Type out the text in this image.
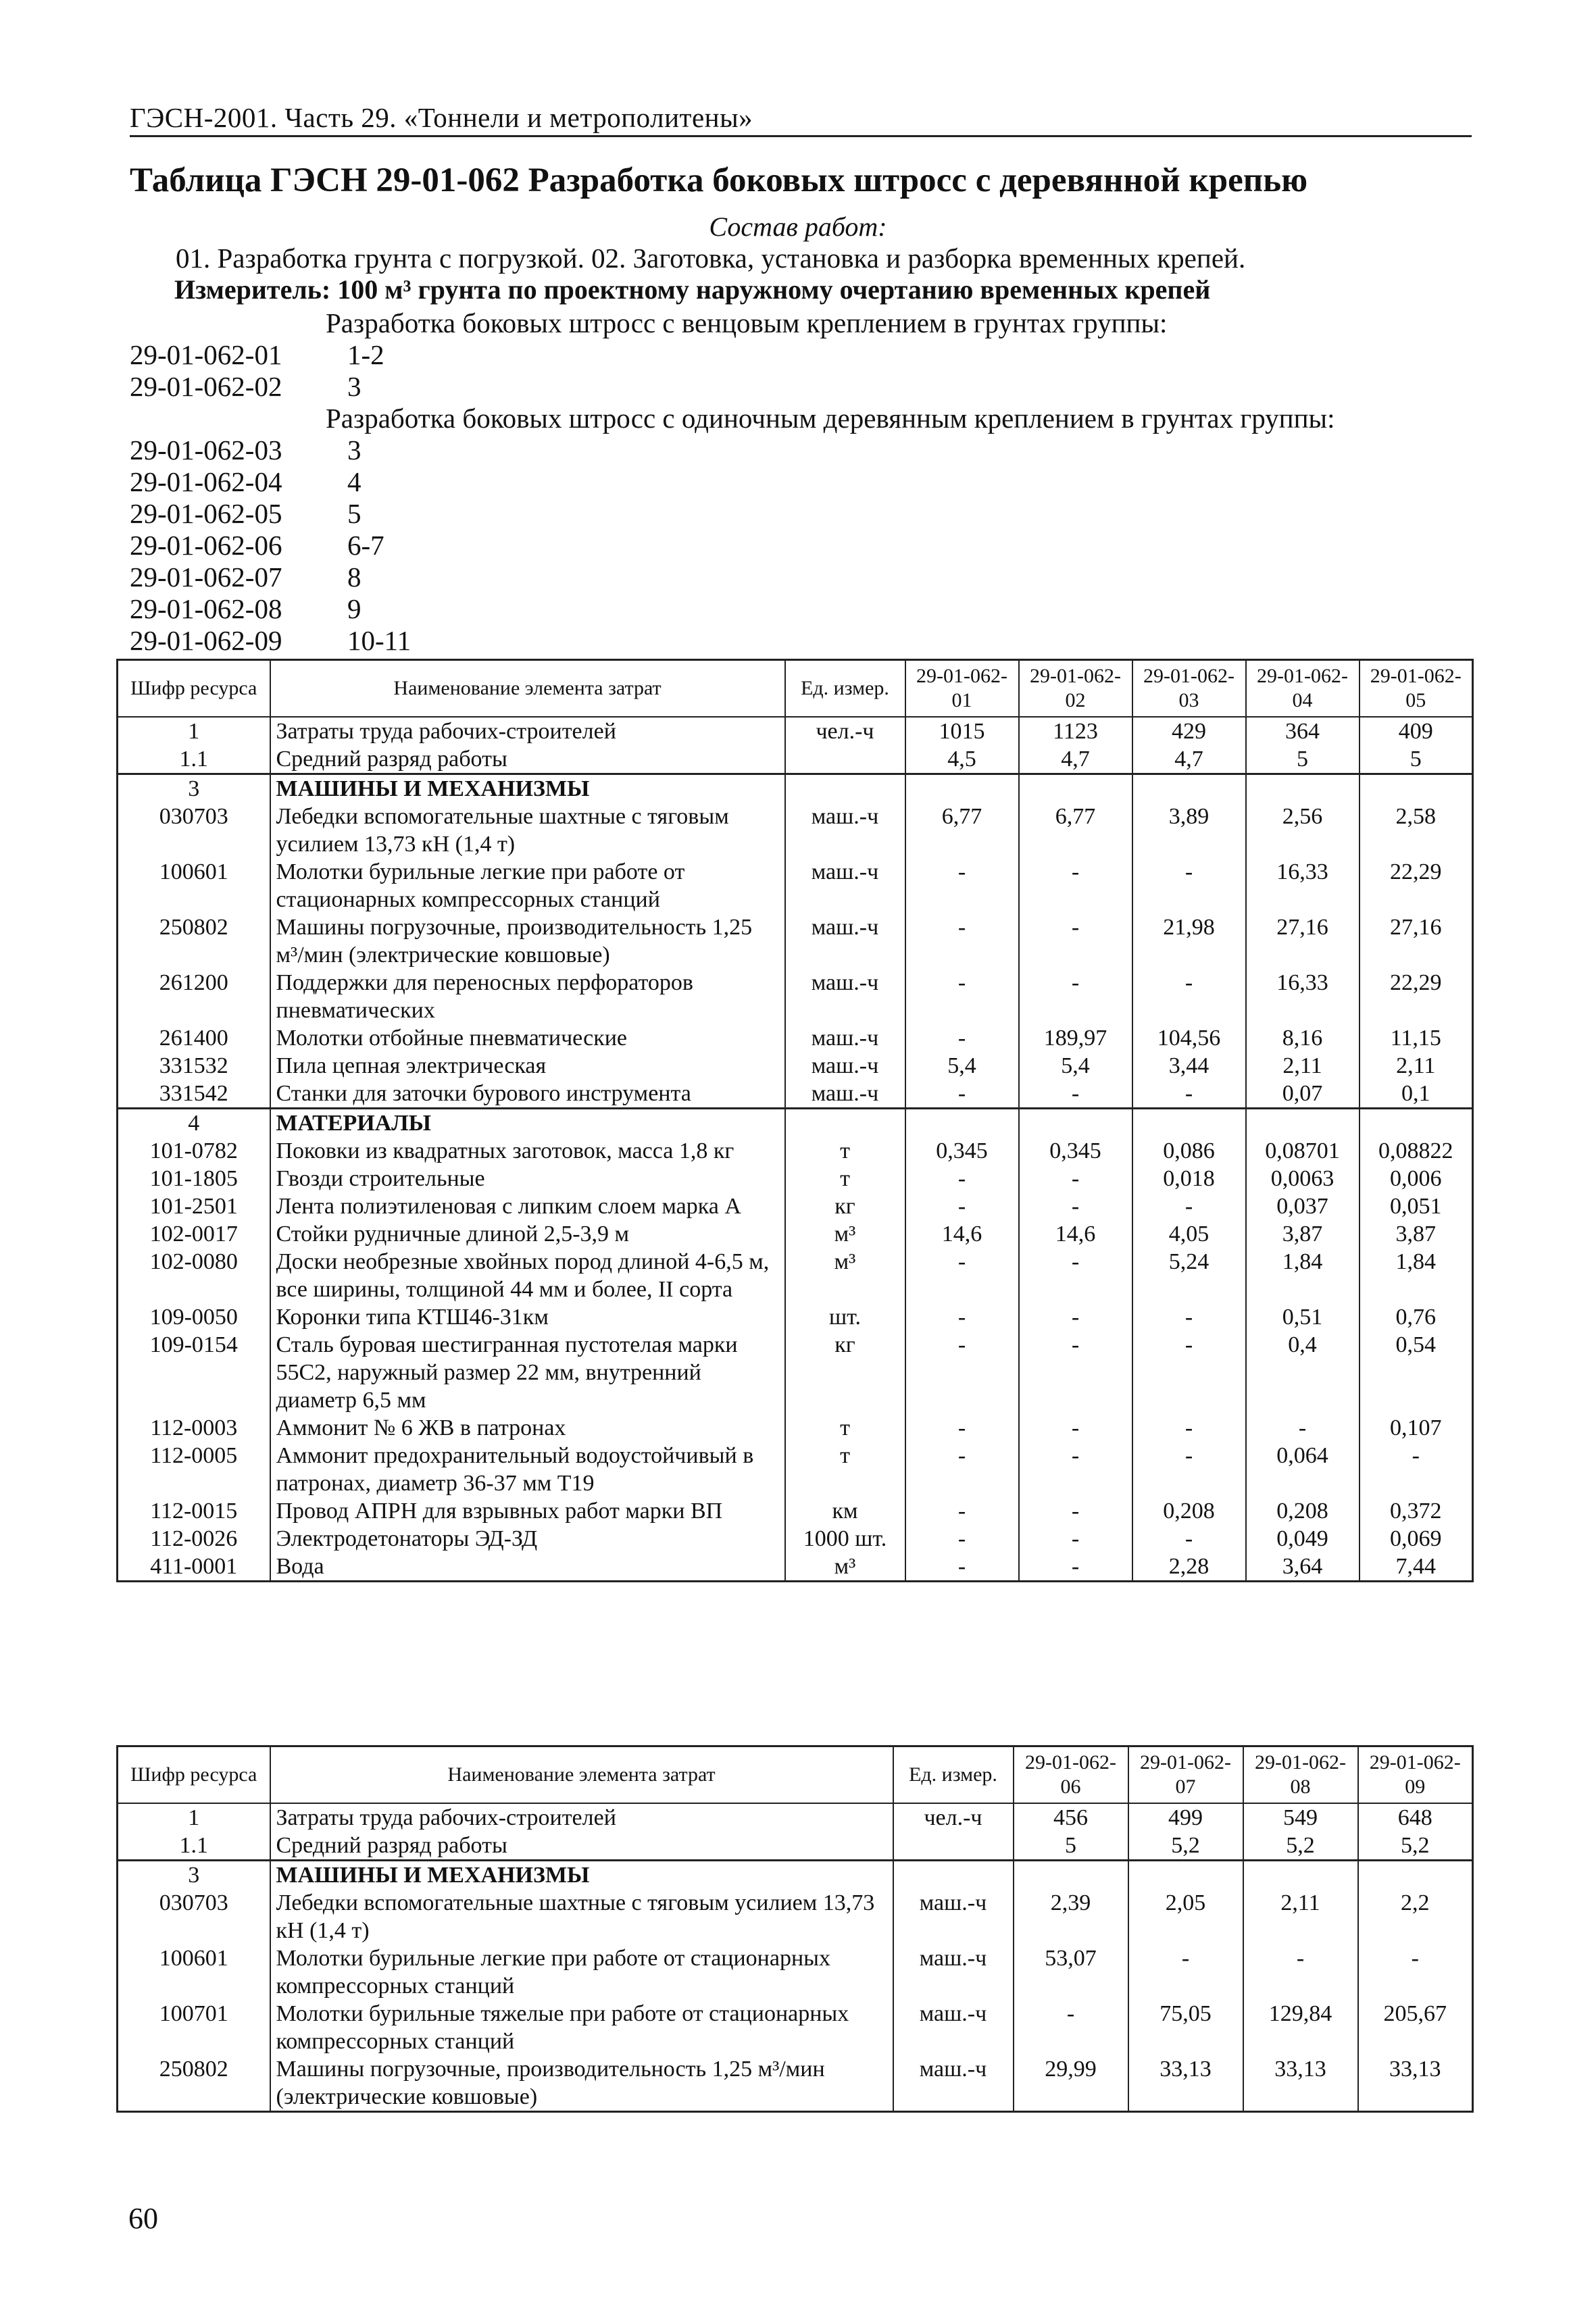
ГЭСН-2001. Часть 29. «Тоннели и метрополитены»
Таблица ГЭСН 29-01-062 Разработка боковых штросс с деревянной крепью
Состав работ:
01. Разработка грунта с погрузкой. 02. Заготовка, установка и разборка временных крепей.
Измеритель: 100 м³ грунта по проектному наружному очертанию временных крепей
Разработка боковых штросс с венцовым креплением в грунтах группы:
29-01-062-01 1-2
29-01-062-02 3
Разработка боковых штросс с одиночным деревянным креплением в грунтах группы:
29-01-062-03 3
29-01-062-04 4
29-01-062-05 5
29-01-062-06 6-7
29-01-062-07 8
29-01-062-08 9
29-01-062-09 10-11
Шифр ресурса	Наименование элемента затрат	Ед. измер.	29-01-062-01	29-01-062-02	29-01-062-03	29-01-062-04	29-01-062-05
1	Затраты труда рабочих-строителей	чел.-ч	1015	1123	429	364	409
1.1	Средний разряд работы		4,5	4,7	4,7	5	5
3	МАШИНЫ И МЕХАНИЗМЫ						
030703	Лебедки вспомогательные шахтные с тяговым усилием 13,73 кН (1,4 т)	маш.-ч	6,77	6,77	3,89	2,56	2,58
100601	Молотки бурильные легкие при работе от стационарных компрессорных станций	маш.-ч	-	-	-	16,33	22,29
250802	Машины погрузочные, производительность 1,25 м³/мин (электрические ковшовые)	маш.-ч	-	-	21,98	27,16	27,16
261200	Поддержки для переносных перфораторов пневматических	маш.-ч	-	-	-	16,33	22,29
261400	Молотки отбойные пневматические	маш.-ч	-	189,97	104,56	8,16	11,15
331532	Пила цепная электрическая	маш.-ч	5,4	5,4	3,44	2,11	2,11
331542	Станки для заточки бурового инструмента	маш.-ч	-	-	-	0,07	0,1
4	МАТЕРИАЛЫ						
101-0782	Поковки из квадратных заготовок, масса 1,8 кг	т	0,345	0,345	0,086	0,08701	0,08822
101-1805	Гвозди строительные	т	-	-	0,018	0,0063	0,006
101-2501	Лента полиэтиленовая с липким слоем марка А	кг	-	-	-	0,037	0,051
102-0017	Стойки рудничные длиной 2,5-3,9 м	м³	14,6	14,6	4,05	3,87	3,87
102-0080	Доски необрезные хвойных пород длиной 4-6,5 м, все ширины, толщиной 44 мм и более, II сорта	м³	-	-	5,24	1,84	1,84
109-0050	Коронки типа КТШ46-31км	шт.	-	-	-	0,51	0,76
109-0154	Сталь буровая шестигранная пустотелая марки 55С2, наружный размер 22 мм, внутренний диаметр 6,5 мм	кг	-	-	-	0,4	0,54
112-0003	Аммонит № 6 ЖВ в патронах	т	-	-	-	-	0,107
112-0005	Аммонит предохранительный водоустойчивый в патронах, диаметр 36-37 мм Т19	т	-	-	-	0,064	-
112-0015	Провод АПРН для взрывных работ марки ВП	км	-	-	0,208	0,208	0,372
112-0026	Электродетонаторы ЭД-ЗД	1000 шт.	-	-	-	0,049	0,069
411-0001	Вода	м³	-	-	2,28	3,64	7,44
Шифр ресурса	Наименование элемента затрат	Ед. измер.	29-01-062-06	29-01-062-07	29-01-062-08	29-01-062-09
1	Затраты труда рабочих-строителей	чел.-ч	456	499	549	648
1.1	Средний разряд работы		5	5,2	5,2	5,2
3	МАШИНЫ И МЕХАНИЗМЫ					
030703	Лебедки вспомогательные шахтные с тяговым усилием 13,73 кН (1,4 т)	маш.-ч	2,39	2,05	2,11	2,2
100601	Молотки бурильные легкие при работе от стационарных компрессорных станций	маш.-ч	53,07	-	-	-
100701	Молотки бурильные тяжелые при работе от стационарных компрессорных станций	маш.-ч	-	75,05	129,84	205,67
250802	Машины погрузочные, производительность 1,25 м³/мин (электрические ковшовые)	маш.-ч	29,99	33,13	33,13	33,13
60
